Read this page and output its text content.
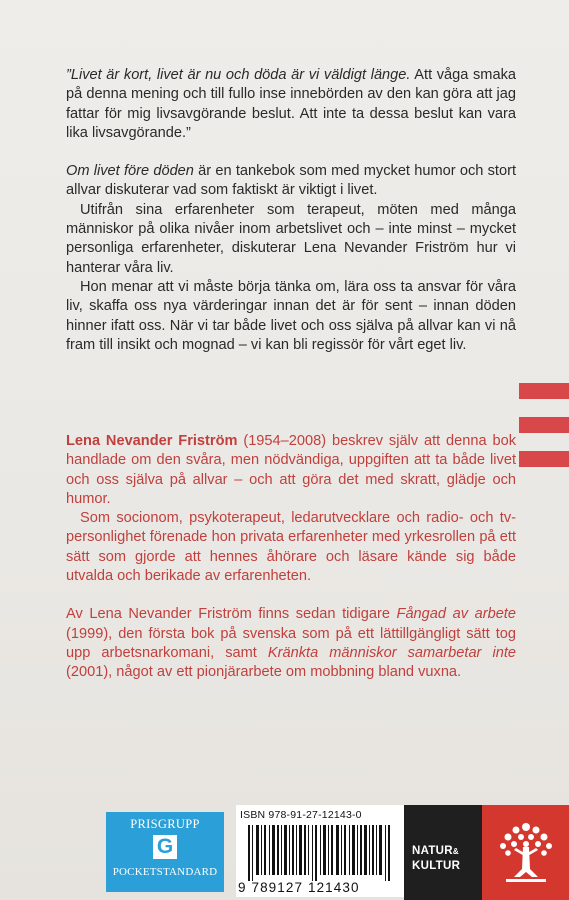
”Livet är kort, livet är nu och döda är vi väldigt länge. Att våga smaka på denna mening och till fullo inse innebörden av den kan göra att jag fattar för mig livsavgörande beslut. Att inte ta dessa beslut kan vara lika livsavgörande.”

Om livet före döden är en tankebok som med mycket humor och stort allvar diskuterar vad som faktiskt är viktigt i livet.

Utifrån sina erfarenheter som terapeut, möten med många människor på olika nivåer inom arbetslivet och – inte minst – mycket personliga erfarenheter, diskuterar Lena Nevander Friström hur vi hanterar våra liv.

Hon menar att vi måste börja tänka om, lära oss ta ansvar för våra liv, skaffa oss nya värderingar innan det är för sent – innan döden hinner ifatt oss. När vi tar både livet och oss själva på allvar kan vi nå fram till insikt och mognad – vi kan bli regissör för vårt eget liv.

Lena Nevander Friström (1954–2008) beskrev själv att denna bok handlade om den svåra, men nödvändiga, uppgiften att ta både livet och oss själva på allvar – och att göra det med skratt, glädje och humor.

Som socionom, psykoterapeut, ledarutvecklare och radio- och tv-personlighet förenade hon privata erfarenheter med yrkesrollen på ett sätt som gjorde att hennes åhörare och läsare kände sig både utvalda och berikade av erfarenheten.

Av Lena Nevander Friström finns sedan tidigare Fångad av arbete (1999), den första bok på svenska som på ett lättillgängligt sätt tog upp arbetsnarkomani, samt Kränkta människor samarbetar inte (2001), något av ett pionjärarbete om mobbning bland vuxna.

PRISGRUPP
G
POCKETSTANDARD
ISBN 978-91-27-12143-0
9 789127 121430
NATUR&
KULTUR
